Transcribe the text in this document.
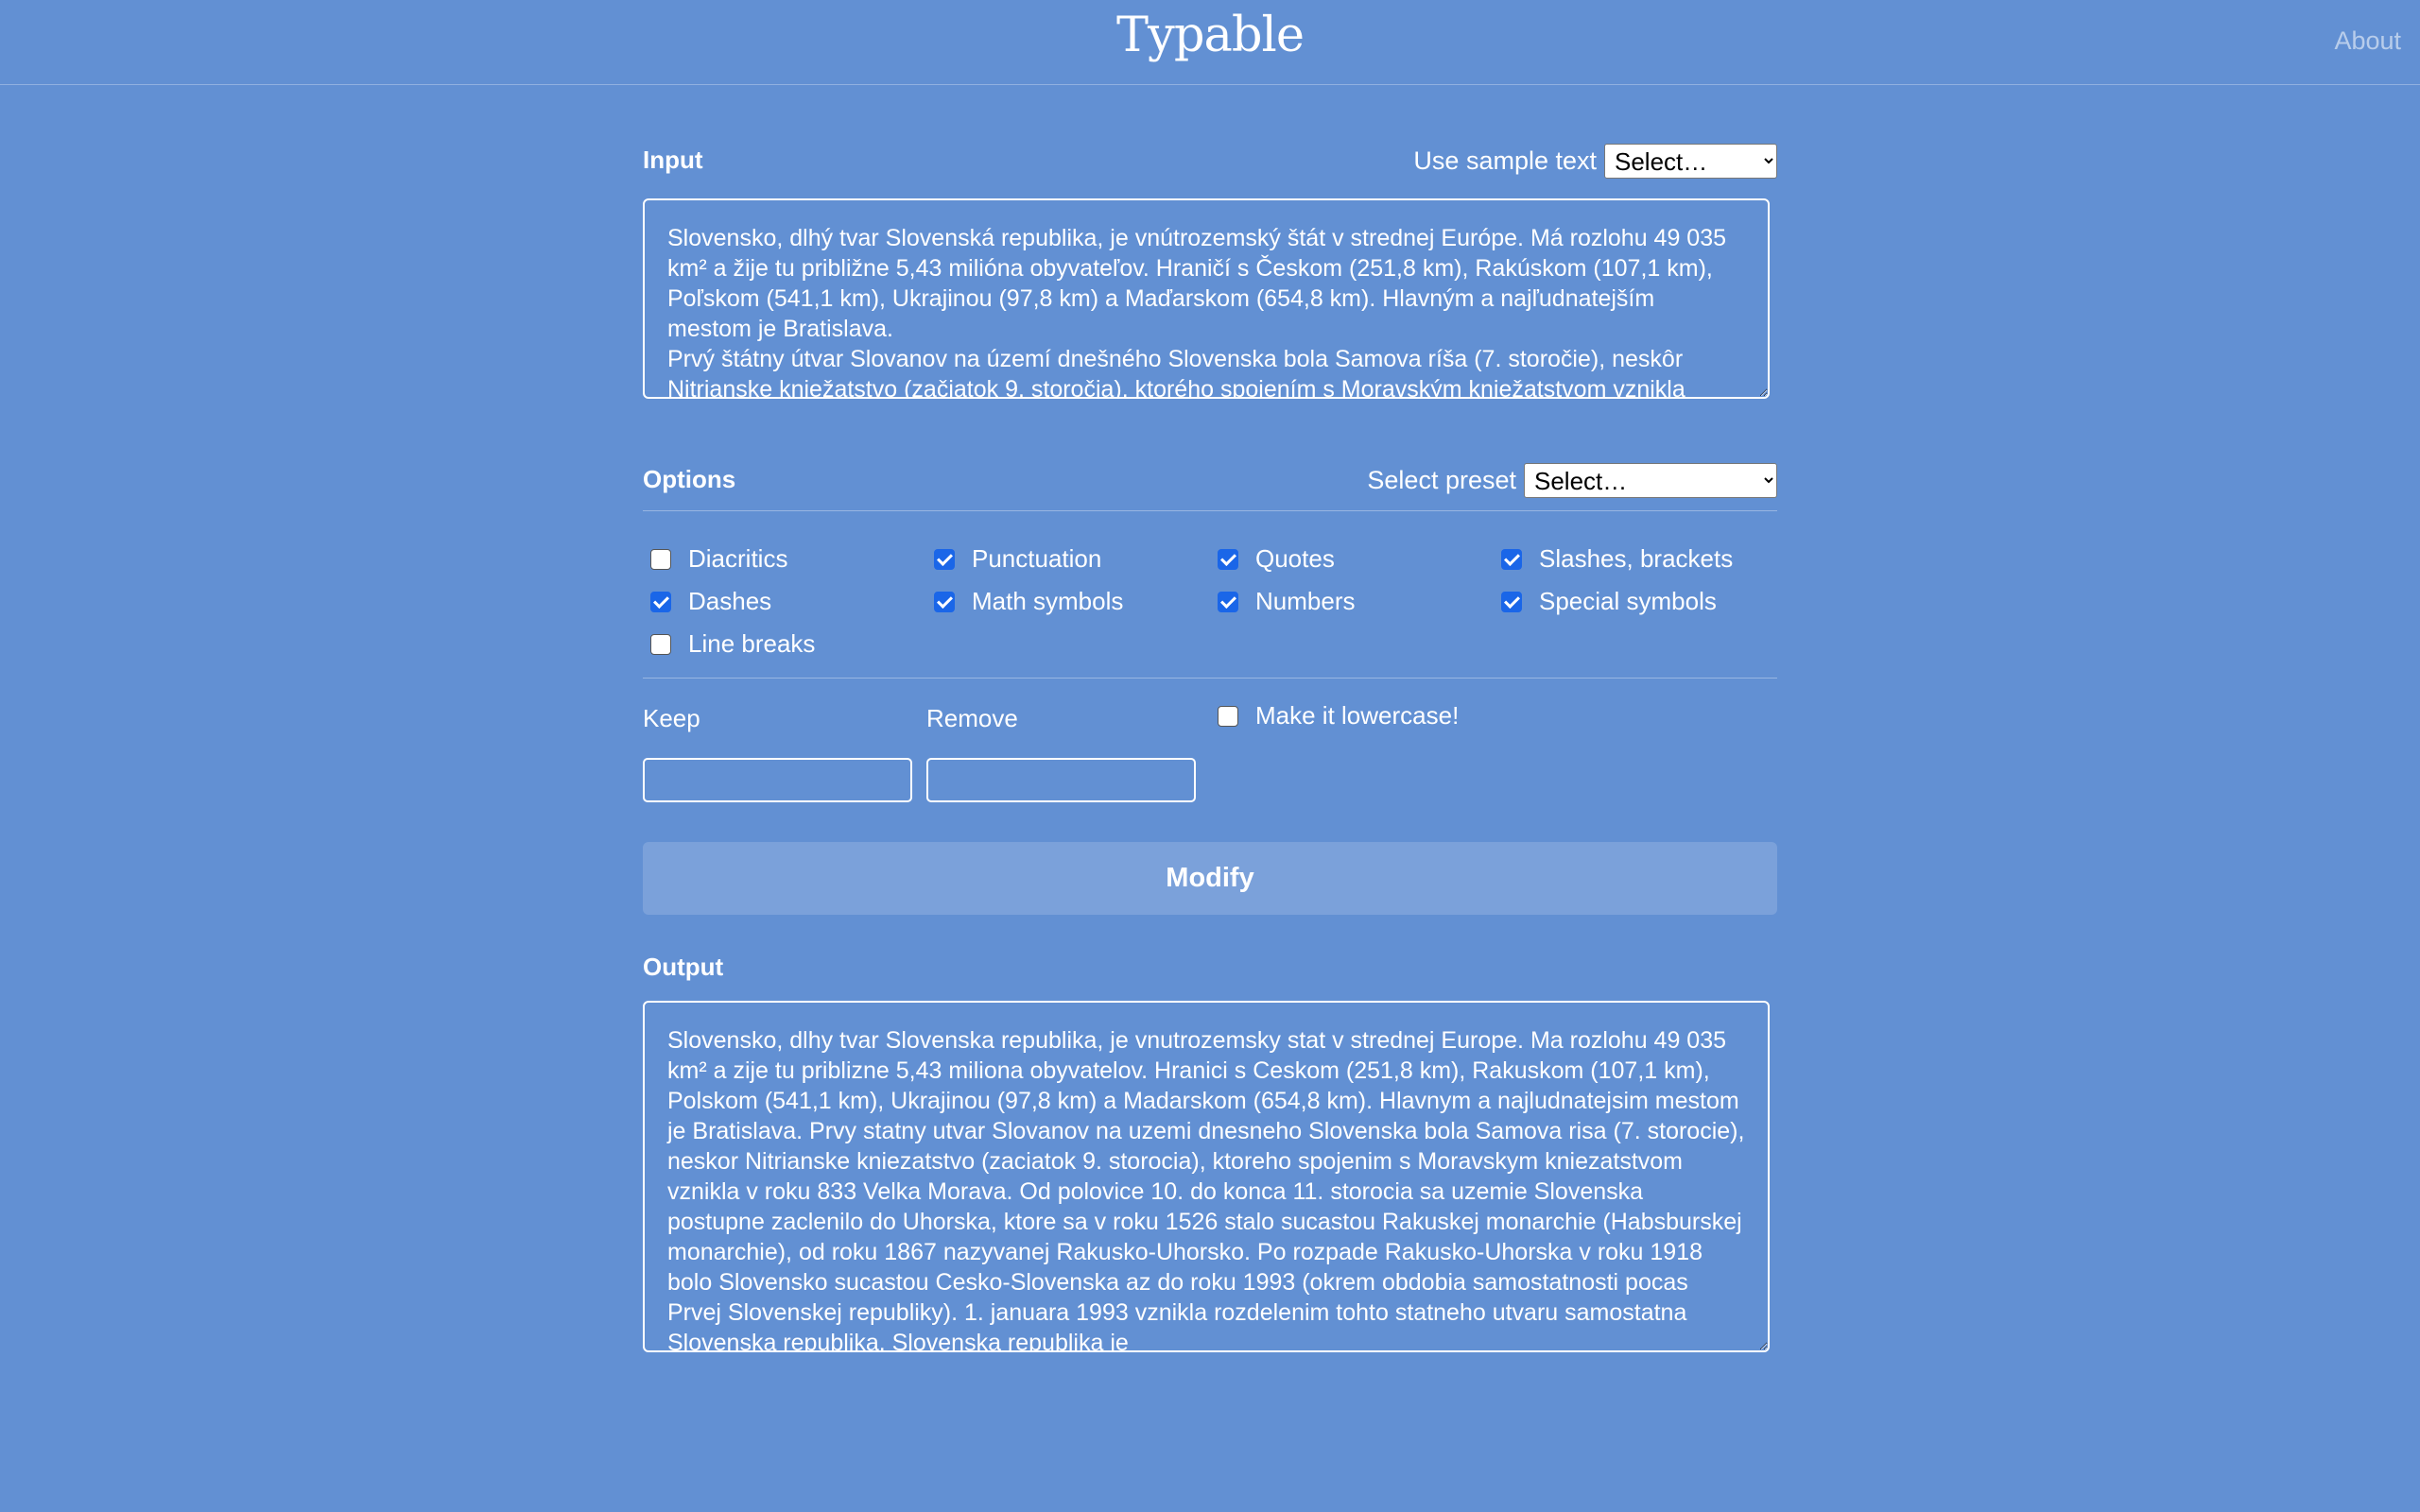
Typable	About
Input	Use sample text
Select…
Slovensko, dlhý tvar Slovenská republika, je vnútrozemský štát v strednej Európe. Má rozlohu 49 035 km² a žije tu približne 5,43 milióna obyvateľov. Hraničí s Českom (251,8 km), Rakúskom (107,1 km), Poľskom (541,1 km), Ukrajinou (97,8 km) a Maďarskom (654,8 km). Hlavným a najľudnatejším mestom je Bratislava. Prvý štátny útvar Slovanov na území dnešného Slovenska bola Samova ríša (7. storočie), neskôr Nitrianske kniežatstvo (začiatok 9. storočia), ktorého spojením s Moravským kniežatstvom vznikla
Options	Select preset
Select…
Diacritics	Punctuation	Quotes	Slashes, brackets
Dashes	Math symbols	Numbers	Special symbols
Line breaks
Keep	Remove	Make it lowercase!
Modify
Output
Slovensko, dlhy tvar Slovenska republika, je vnutrozemsky stat v strednej Europe. Ma rozlohu 49 035 km² a zije tu priblizne 5,43 miliona obyvatelov. Hranici s Ceskom (251,8 km), Rakuskom (107,1 km), Polskom (541,1 km), Ukrajinou (97,8 km) a Madarskom (654,8 km). Hlavnym a najludnatejsim mestom je Bratislava. Prvy statny utvar Slovanov na uzemi dnesneho Slovenska bola Samova risa (7. storocie), neskor Nitrianske kniezatstvo (zaciatok 9. storocia), ktoreho spojenim s Moravskym kniezatstvom vznikla v roku 833 Velka Morava. Od polovice 10. do konca 11. storocia sa uzemie Slovenska postupne zaclenilo do Uhorska, ktore sa v roku 1526 stalo sucastou Rakuskej monarchie (Habsburskej monarchie), od roku 1867 nazyvanej Rakusko-Uhorsko. Po rozpade Rakusko-Uhorska v roku 1918 bolo Slovensko sucastou Cesko-Slovenska az do roku 1993 (okrem obdobia samostatnosti pocas Prvej Slovenskej republiky). 1. januara 1993 vznikla rozdelenim tohto statneho utvaru samostatna Slovenska republika. Slovenska republika je
